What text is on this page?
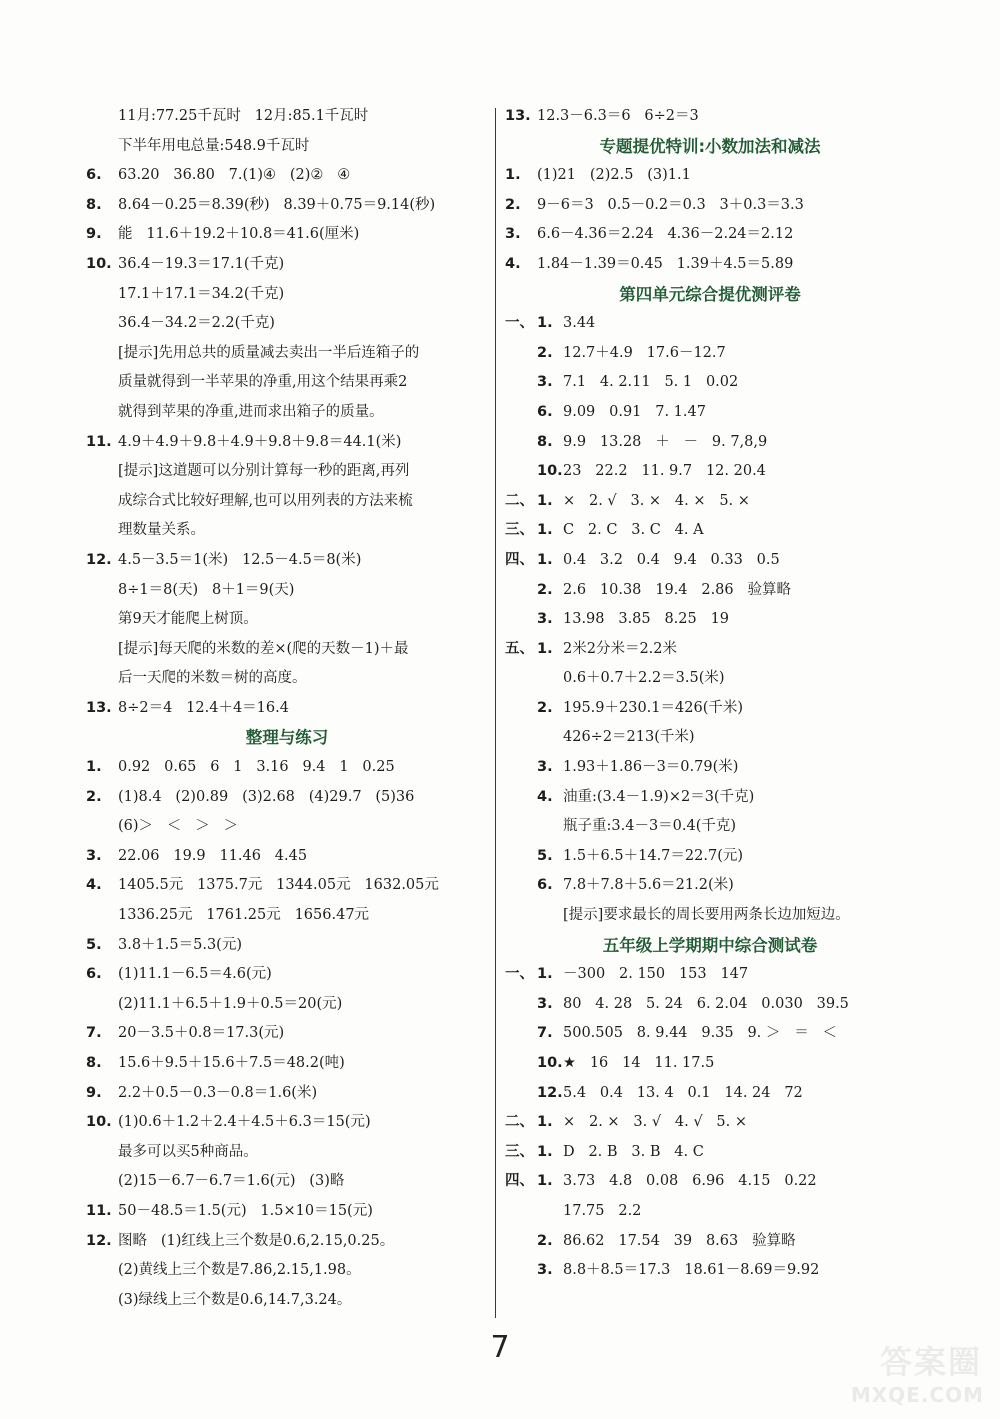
11月:77.25千瓦时   12月:85.1千瓦时
下半年用电总量:548.9千瓦时
6. 63.20   36.80   7.(1)④   (2)②   ④
8. 8.64－0.25＝8.39(秒)   8.39＋0.75＝9.14(秒)
9. 能   11.6＋19.2＋10.8＝41.6(厘米)
10. 36.4－19.3＝17.1(千克)
17.1＋17.1＝34.2(千克)
36.4－34.2＝2.2(千克)
[提示]先用总共的质量减去卖出一半后连箱子的
质量就得到一半苹果的净重,用这个结果再乘2
就得到苹果的净重,进而求出箱子的质量。
11. 4.9＋4.9＋9.8＋4.9＋9.8＋9.8＝44.1(米)
[提示]这道题可以分别计算每一秒的距离,再列
成综合式比较好理解,也可以用列表的方法来梳
理数量关系。
12. 4.5－3.5＝1(米)   12.5－4.5＝8(米)
8÷1＝8(天)   8＋1＝9(天)
第9天才能爬上树顶。
[提示]每天爬的米数的差×(爬的天数－1)＋最
后一天爬的米数＝树的高度。
13. 8÷2＝4   12.4＋4＝16.4
整理与练习
1. 0.92   0.65   6   1   3.16   9.4   1   0.25
2. (1)8.4   (2)0.89   (3)2.68   (4)29.7   (5)36
(6)＞   ＜   ＞   ＞
3. 22.06   19.9   11.46   4.45
4. 1405.5元   1375.7元   1344.05元   1632.05元
1336.25元   1761.25元   1656.47元
5. 3.8＋1.5＝5.3(元)
6. (1)11.1－6.5＝4.6(元)
(2)11.1＋6.5＋1.9＋0.5＝20(元)
7. 20－3.5＋0.8＝17.3(元)
8. 15.6＋9.5＋15.6＋7.5＝48.2(吨)
9. 2.2＋0.5－0.3－0.8＝1.6(米)
10. (1)0.6＋1.2＋2.4＋4.5＋6.3＝15(元)
最多可以买5种商品。
(2)15－6.7－6.7＝1.6(元)   (3)略
11. 50－48.5＝1.5(元)   1.5×10＝15(元)
12. 图略   (1)红线上三个数是0.6,2.15,0.25。
(2)黄线上三个数是7.86,2.15,1.98。
(3)绿线上三个数是0.6,14.7,3.24。
13. 12.3－6.3＝6   6÷2＝3
专题提优特训:小数加法和减法
1. (1)21   (2)2.5   (3)1.1
2. 9－6＝3   0.5－0.2＝0.3   3＋0.3＝3.3
3. 6.6－4.36＝2.24   4.36－2.24＝2.12
4. 1.84－1.39＝0.45   1.39＋4.5＝5.89
第四单元综合提优测评卷
一、 1. 3.44
2. 12.7＋4.9   17.6－12.7
3. 7.1   4. 2.11   5. 1   0.02
6. 9.09   0.91   7. 1.47
8. 9.9   13.28   ＋   －   9. 7,8,9
10. 23   22.2   11. 9.7   12. 20.4
二、 1. ×   2. √   3. ×   4. ×   5. ×
三、 1. C   2. C   3. C   4. A
四、 1. 0.4   3.2   0.4   9.4   0.33   0.5
2. 2.6   10.38   19.4   2.86   验算略
3. 13.98   3.85   8.25   19
五、 1. 2米2分米＝2.2米
0.6＋0.7＋2.2＝3.5(米)
2. 195.9＋230.1＝426(千米)
426÷2＝213(千米)
3. 1.93＋1.86－3＝0.79(米)
4. 油重:(3.4－1.9)×2＝3(千克)
瓶子重:3.4－3＝0.4(千克)
5. 1.5＋6.5＋14.7＝22.7(元)
6. 7.8＋7.8＋5.6＝21.2(米)
[提示]要求最长的周长要用两条长边加短边。
五年级上学期期中综合测试卷
一、 1. －300   2. 150   153   147
3. 80   4. 28   5. 24   6. 2.04   0.030   39.5
7. 500.505   8. 9.44   9.35   9. ＞   ＝   ＜
10. ★   16   14   11. 17.5
12. 5.4   0.4   13. 4   0.1   14. 24   72
二、 1. ×   2. ×   3. √   4. √   5. ×
三、 1. D   2. B   3. B   4. C
四、 1. 3.73   4.8   0.08   6.96   4.15   0.22
17.75   2.2
2. 86.62   17.54   39   8.63   验算略
3. 8.8＋8.5＝17.3   18.61－8.69＝9.92
7	答案圈
MXQE.COM
